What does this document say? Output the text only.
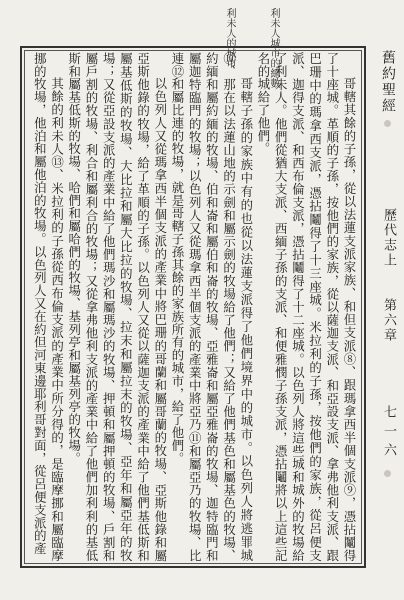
利未人城市的總數
利未人的城市

哥轄其餘的子孫，從以法蓮支派家族、和但支派⑧、跟瑪拿西半個支派⑨，憑拈鬮得了十座城。革順的子孫，按他們的家族，從以薩迦支派、和亞設支派、拿弗他利支派、跟巴珊中的瑪拿西支派，憑拈鬮得了十三座城。米拉利的子孫，按他們的家族，從呂便支派、迦得支派、和西布倫支派，憑拈鬮得了十二座城。以色列人將這些城和城外的牧場給了利未人。他們從猶大支派、西緬子孫的支派、和便雅憫子孫支派，憑拈鬮將以上這些記名的城給了他們。

哥轄子孫的家族中有的也從以法蓮支派得了他們境界中的城市。以色列人將逃罪城⑩、那在以法蓮山地的示劍和屬示劍的牧場給了他們；又給了他們基色和屬基色的牧場、約緬和屬約緬的牧場、伯和崙和屬伯和崙的牧場、亞雅崙和屬亞雅崙的牧場、迦特臨門和屬迦特臨門的牧場；以色列人又從瑪拿西半個支派的產業中將亞乃⑪和屬亞乃的牧場、比連⑫和屬比連的牧場，就是哥轄子孫其餘的家族所有的城市，給了他們。

以色列人又從瑪拿西半個支派的產業中將巴珊的哥蘭和屬哥蘭的牧場、亞斯他錄和屬亞斯他錄的牧場，給了革順的子孫。以色列人又從以薩迦支派的產業中給了他們基低斯和屬基低斯的牧場、大比拉和屬大比拉的牧場、拉末和屬拉末的牧場、亞年和屬亞年的牧場；又從亞設支派的產業中給了他們瑪沙和屬瑪沙的牧場、押頓和屬押頓的牧場、戶割和屬戶割的牧場、利合和屬利合的牧場；又從拿弗他利支派的產業中給了他們加利利的基低斯和屬基低斯的牧場、哈們和屬哈們的牧場、基列亭和屬基列亭的牧場。

其餘的利未人⑬、米拉利的子孫從西布倫支派的產業中所分得的，是臨摩挪和屬臨摩挪的牧場，他泊和屬他泊的牧場。以色列人又在約但河東邊耶利哥對面，從呂便支派的產	舊約聖經
歷代志上
第六章
七一六
